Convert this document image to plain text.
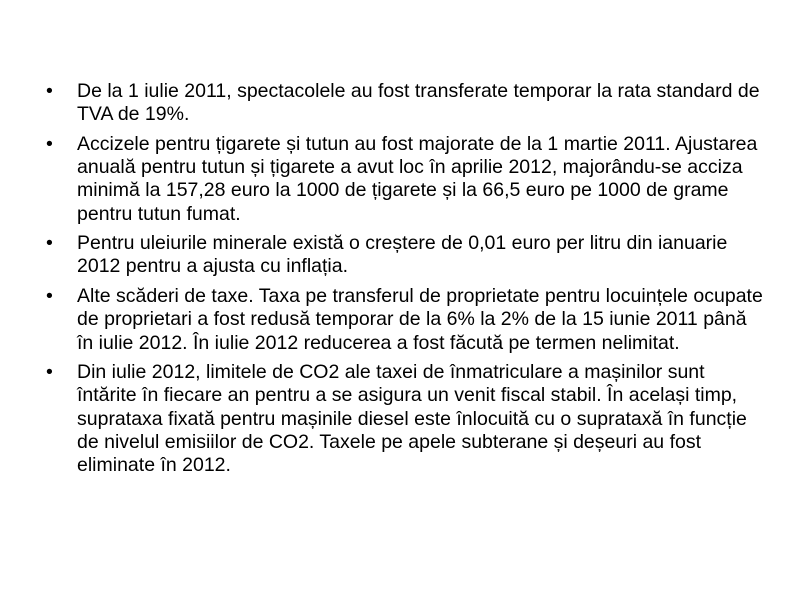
• De la 1 iulie 2011, spectacolele au fost transferate temporar la rata standard de TVA de 19%.
• Accizele pentru țigarete și tutun au fost majorate de la 1 martie 2011. Ajustarea anuală pentru tutun și țigarete a avut loc în aprilie 2012, majorându-se acciza minimă la 157,28 euro la 1000 de țigarete și la 66,5 euro pe 1000 de grame pentru tutun fumat.
• Pentru uleiurile minerale există o creștere de 0,01 euro per litru din ianuarie 2012 pentru a ajusta cu inflația.
• Alte scăderi de taxe. Taxa pe transferul de proprietate pentru locuințele ocupate de proprietari a fost redusă temporar de la 6% la 2% de la 15 iunie 2011 până în iulie 2012. În iulie 2012 reducerea a fost făcută pe termen nelimitat.
• Din iulie 2012, limitele de CO2 ale taxei de înmatriculare a mașinilor sunt întărite în fiecare an pentru a se asigura un venit fiscal stabil. În același timp, suprataxa fixată pentru mașinile diesel este înlocuită cu o suprataxă în funcție de nivelul emisiilor de CO2. Taxele pe apele subterane și deșeuri au fost eliminate în 2012.
